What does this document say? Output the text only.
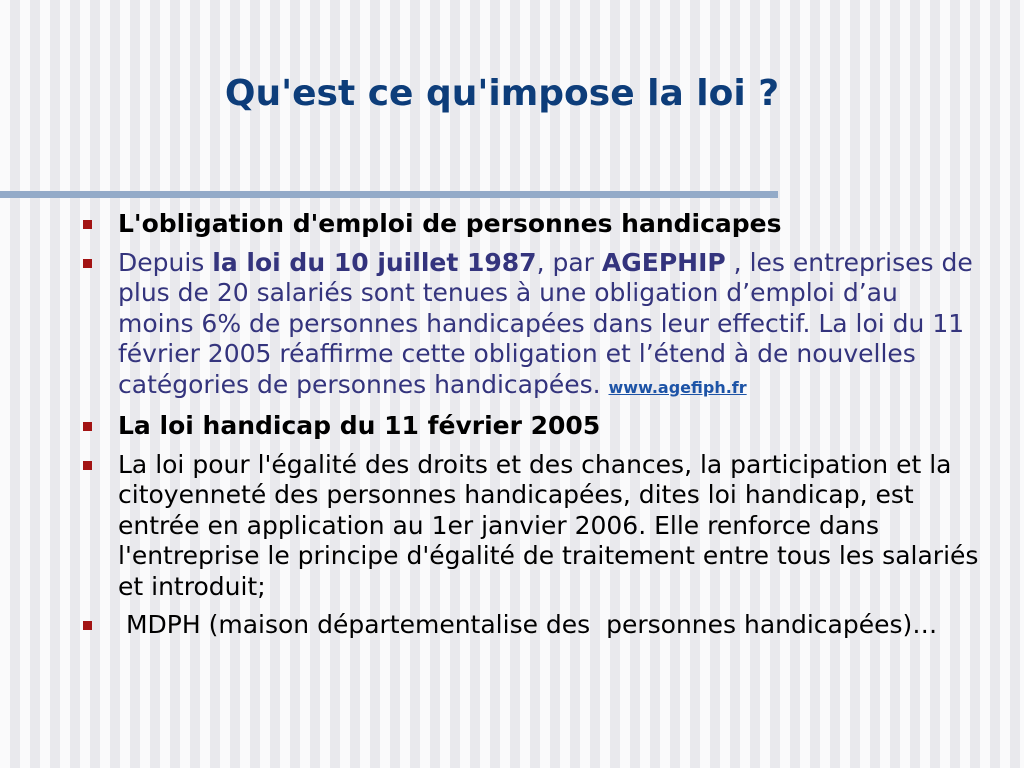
Qu'est ce qu'impose la loi ?
L'obligation d'emploi de personnes handicapes
Depuis la loi du 10 juillet 1987, par AGEPHIP , les entreprises de plus de 20 salariés sont tenues à une obligation d’emploi d’au moins 6% de personnes handicapées dans leur effectif. La loi du 11 février 2005 réaffirme cette obligation et l’étend à de nouvelles catégories de personnes handicapées. www.agefiph.fr
La loi handicap du 11 février 2005
La loi pour l'égalité des droits et des chances, la participation et la citoyenneté des personnes handicapées, dites loi handicap, est entrée en application au 1er janvier 2006. Elle renforce dans l'entreprise le principe d'égalité de traitement entre tous les salariés et introduit;
MDPH (maison départementalise des  personnes handicapées)…
